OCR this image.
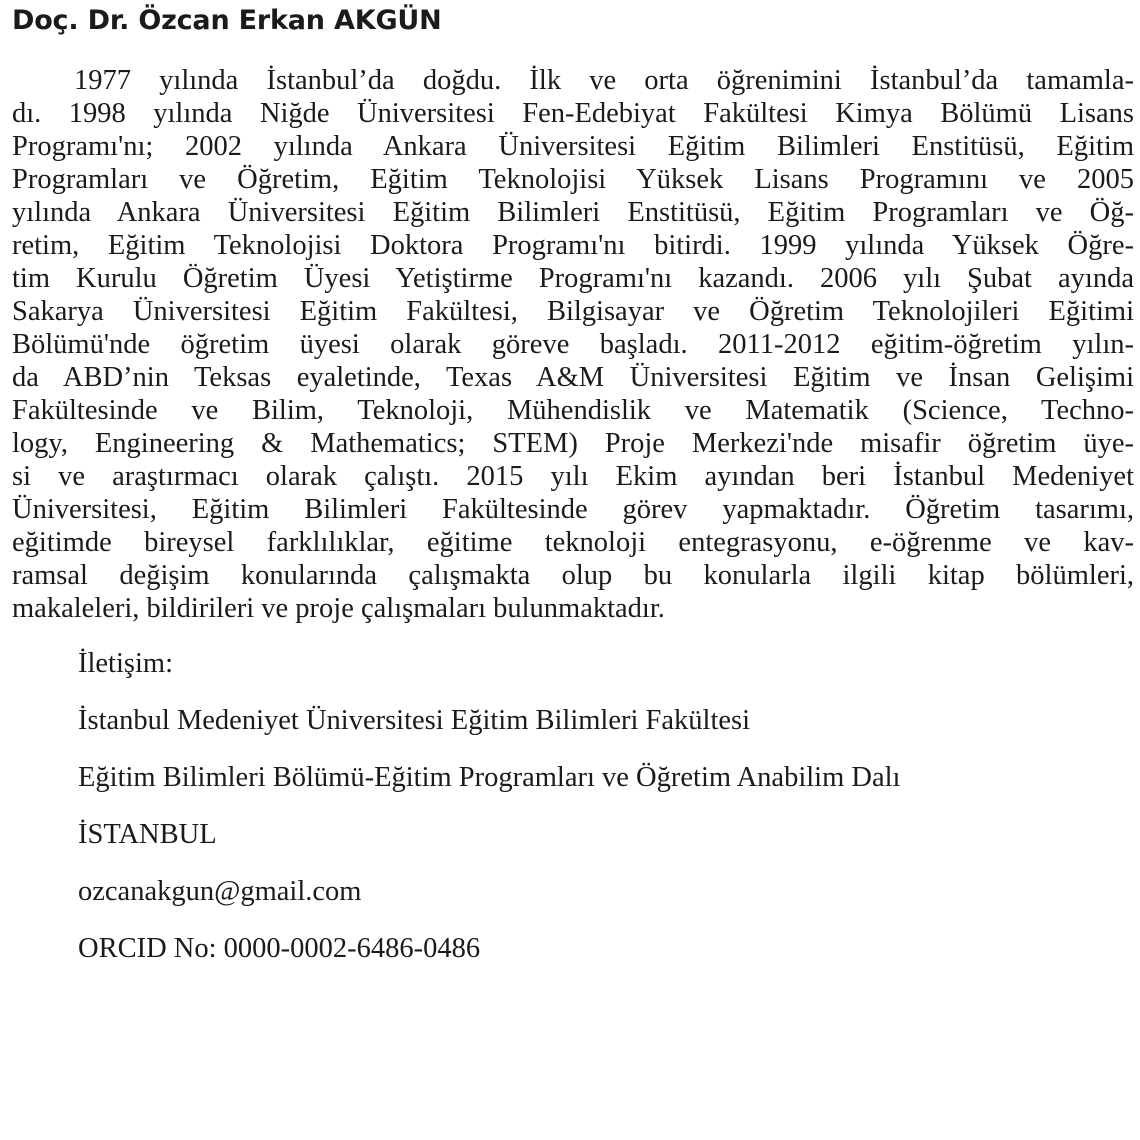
Doç. Dr. Özcan Erkan AKGÜN
1977 yılında İstanbul’da doğdu. İlk ve orta öğrenimini İstanbul’da tamamla-
dı. 1998 yılında Niğde Üniversitesi Fen-Edebiyat Fakültesi Kimya Bölümü Lisans
Programı'nı; 2002 yılında Ankara Üniversitesi Eğitim Bilimleri Enstitüsü, Eğitim
Programları ve Öğretim, Eğitim Teknolojisi Yüksek Lisans Programını ve 2005
yılında Ankara Üniversitesi Eğitim Bilimleri Enstitüsü, Eğitim Programları ve Öğ-
retim, Eğitim Teknolojisi Doktora Programı'nı bitirdi. 1999 yılında Yüksek Öğre-
tim Kurulu Öğretim Üyesi Yetiştirme Programı'nı kazandı. 2006 yılı Şubat ayında
Sakarya Üniversitesi Eğitim Fakültesi, Bilgisayar ve Öğretim Teknolojileri Eğitimi
Bölümü'nde öğretim üyesi olarak göreve başladı. 2011-2012 eğitim-öğretim yılın-
da ABD’nin Teksas eyaletinde, Texas A&M Üniversitesi Eğitim ve İnsan Gelişimi
Fakültesinde ve Bilim, Teknoloji, Mühendislik ve Matematik (Science, Techno-
logy, Engineering & Mathematics; STEM) Proje Merkezi'nde misafir öğretim üye-
si ve araştırmacı olarak çalıştı. 2015 yılı Ekim ayından beri İstanbul Medeniyet
Üniversitesi, Eğitim Bilimleri Fakültesinde görev yapmaktadır. Öğretim tasarımı,
eğitimde bireysel farklılıklar, eğitime teknoloji entegrasyonu, e-öğrenme ve kav-
ramsal değişim konularında çalışmakta olup bu konularla ilgili kitap bölümleri,
makaleleri, bildirileri ve proje çalışmaları bulunmaktadır.
İletişim:
İstanbul Medeniyet Üniversitesi Eğitim Bilimleri Fakültesi
Eğitim Bilimleri Bölümü-Eğitim Programları ve Öğretim Anabilim Dalı
İSTANBUL
ozcanakgun@gmail.com
ORCID No: 0000-0002-6486-0486
